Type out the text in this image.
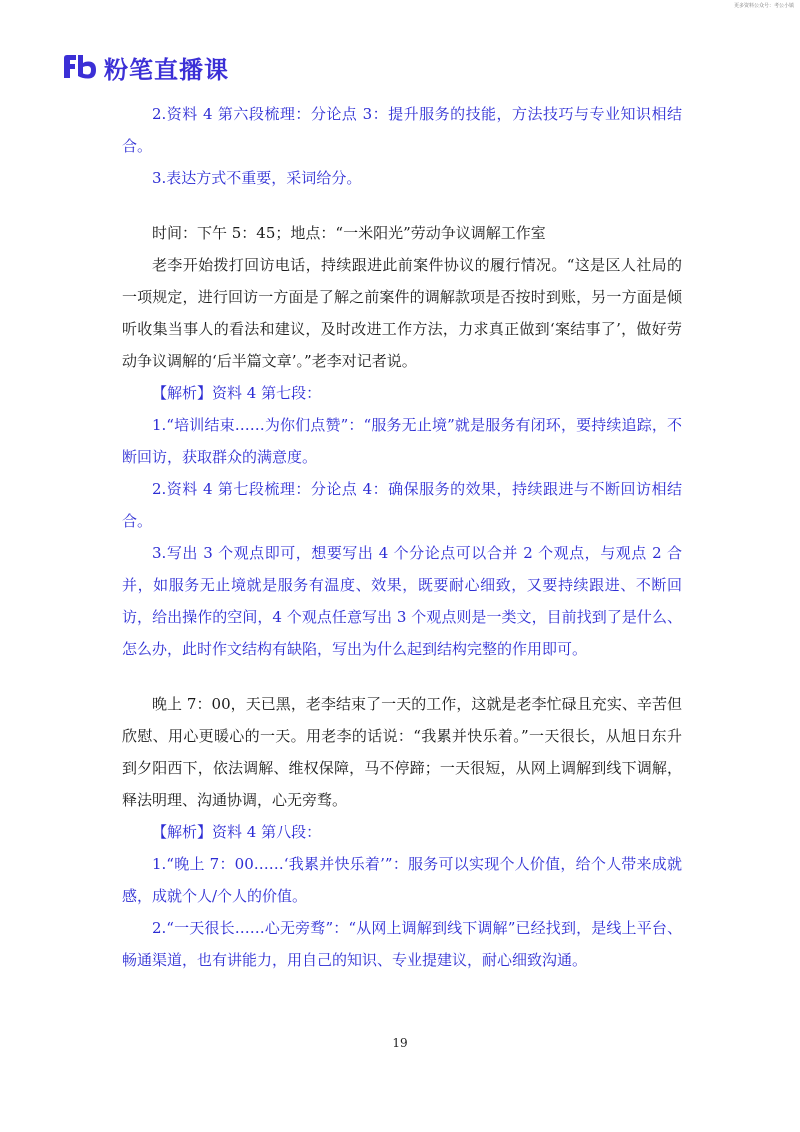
更多资料公众号：考公小镇
粉笔直播课

2.资料 4 第六段梳理：分论点 3：提升服务的技能，方法技巧与专业知识相结合。

3.表达方式不重要，采词给分。

时间：下午 5：45；地点：“一米阳光”劳动争议调解工作室

老李开始拨打回访电话，持续跟进此前案件协议的履行情况。“这是区人社局的一项规定，进行回访一方面是了解之前案件的调解款项是否按时到账，另一方面是倾听收集当事人的看法和建议，及时改进工作方法，力求真正做到‘案结事了’，做好劳动争议调解的‘后半篇文章’。”老李对记者说。

【解析】资料 4 第七段：

1.“培训结束……为你们点赞”：“服务无止境”就是服务有闭环，要持续追踪，不断回访，获取群众的满意度。

2.资料 4 第七段梳理：分论点 4：确保服务的效果，持续跟进与不断回访相结合。

3.写出 3 个观点即可，想要写出 4 个分论点可以合并 2 个观点，与观点 2 合并，如服务无止境就是服务有温度、效果，既要耐心细致，又要持续跟进、不断回访，给出操作的空间，4 个观点任意写出 3 个观点则是一类文，目前找到了是什么、怎么办，此时作文结构有缺陷，写出为什么起到结构完整的作用即可。

晚上 7：00，天已黑，老李结束了一天的工作，这就是老李忙碌且充实、辛苦但欣慰、用心更暖心的一天。用老李的话说：“我累并快乐着。”一天很长，从旭日东升到夕阳西下，依法调解、维权保障，马不停蹄；一天很短，从网上调解到线下调解，释法明理、沟通协调，心无旁骛。

【解析】资料 4 第八段：

1.“晚上 7：00……‘我累并快乐着’”：服务可以实现个人价值，给个人带来成就感，成就个人/个人的价值。

2.“一天很长……心无旁骛”：“从网上调解到线下调解”已经找到，是线上平台、畅通渠道，也有讲能力，用自己的知识、专业提建议，耐心细致沟通。

19
